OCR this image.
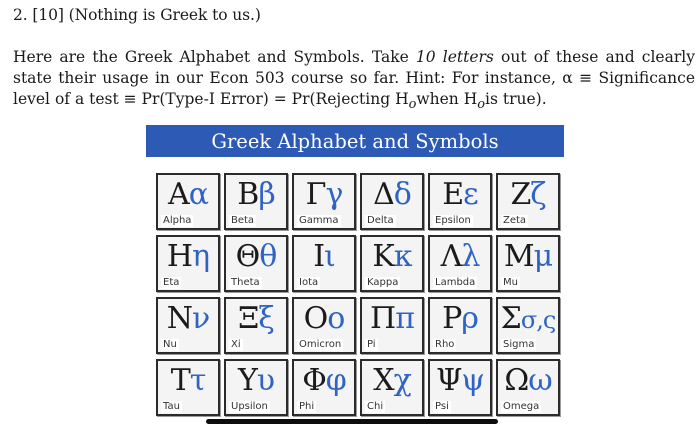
2. [10] (Nothing is Greek to us.)
Here are the Greek Alphabet and Symbols. Take 10 letters out of these and clearly state their usage in our Econ 503 course so far. Hint: For instance, α ≡ Significance level of a test ≡ Pr(Type-I Error) = Pr(Rejecting $H_owhen$ $H_ois$ true).
Greek Alphabet and Symbols
Αα
Alpha
Ββ
Beta
Γγ
Gamma
Δδ
Delta
Εε
Epsilon
Ζζ
Zeta
Ηη
Eta
Θθ
Theta
Ιι
Iota
Κκ
Kappa
Λλ
Lambda
Μμ
Mu
Νν
Nu
Ξξ
Xi
Οο
Omicron
Ππ
Pi
Ρρ
Rho
Σσ,ς
Sigma
Ττ
Tau
Υυ
Upsilon
Φφ
Phi
Χχ
Chi
Ψψ
Psi
Ωω
Omega
